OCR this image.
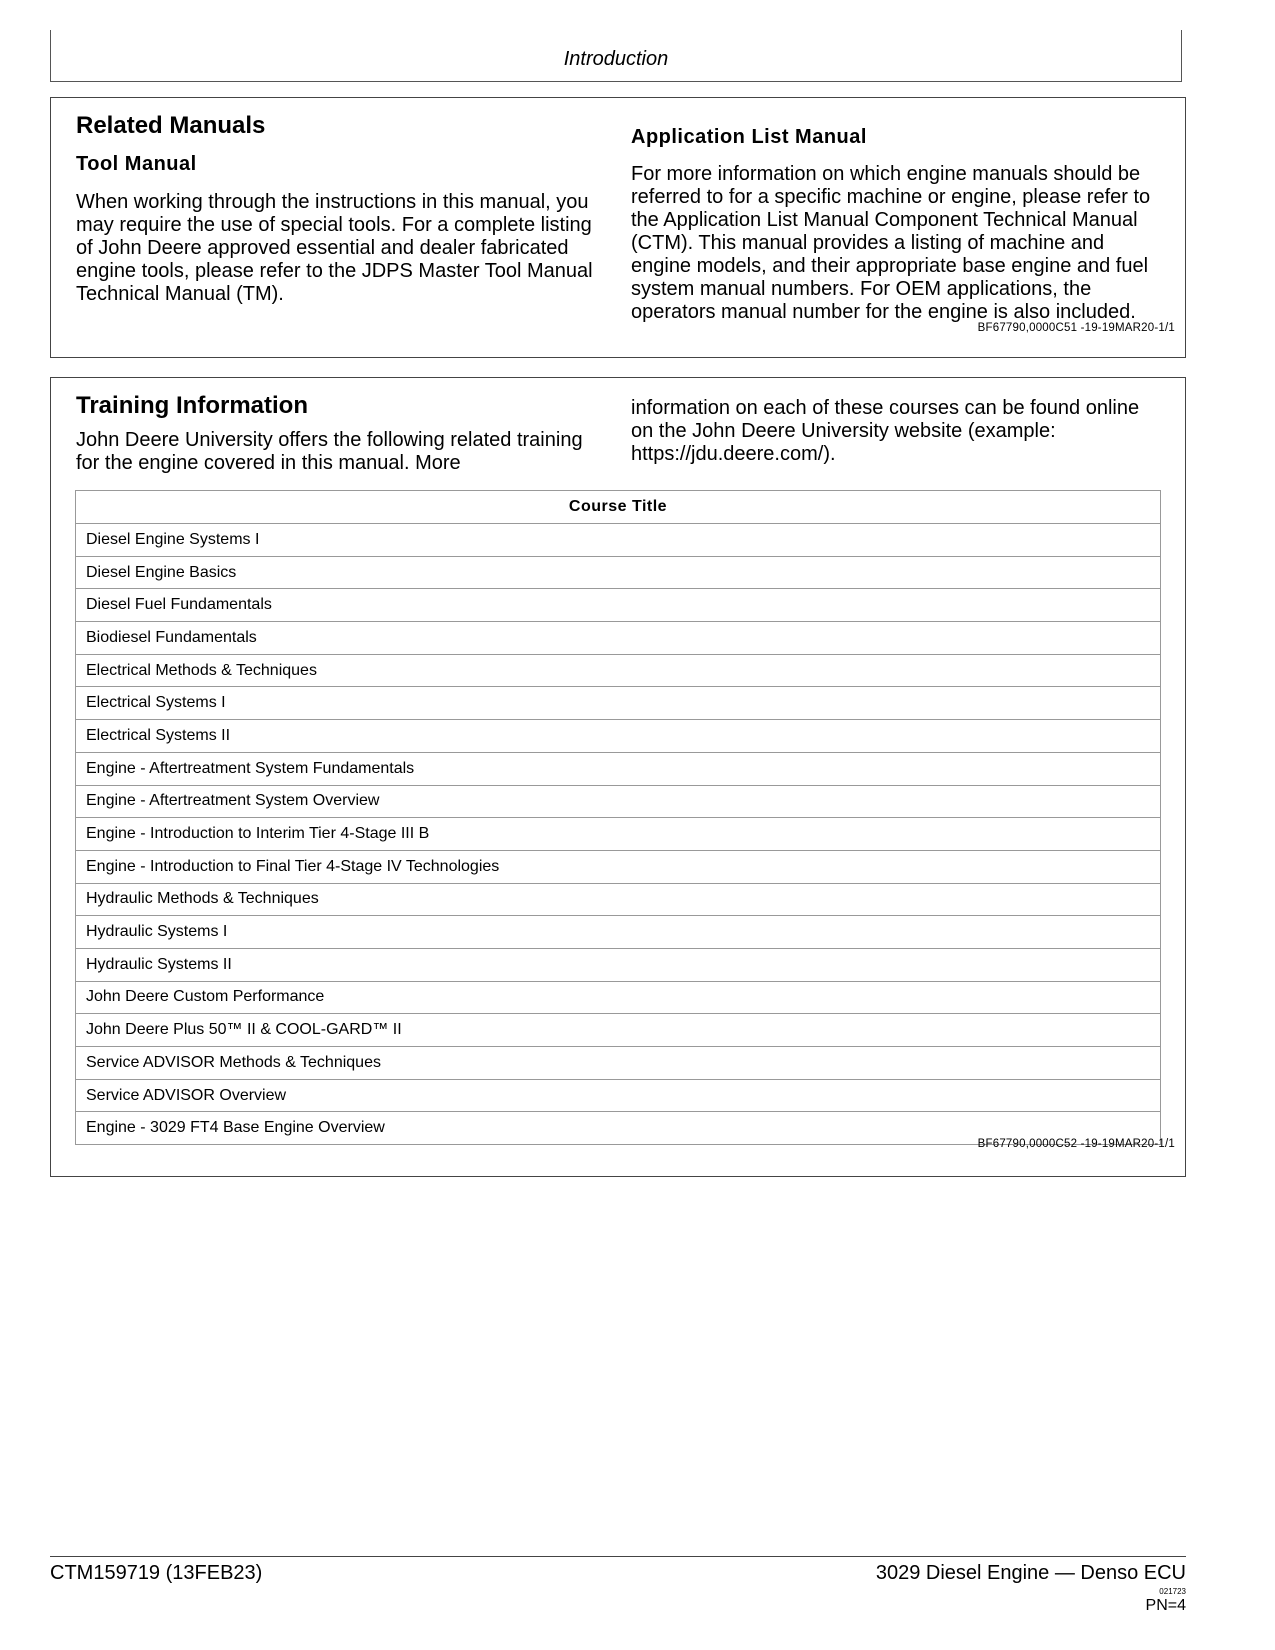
Introduction
Related Manuals
Tool Manual

When working through the instructions in this manual, you may require the use of special tools. For a complete listing of John Deere approved essential and dealer fabricated engine tools, please refer to the JDPS Master Tool Manual Technical Manual (TM).

Application List Manual

For more information on which engine manuals should be referred to for a specific machine or engine, please refer to the Application List Manual Component Technical Manual (CTM). This manual provides a listing of machine and engine models, and their appropriate base engine and fuel system manual numbers. For OEM applications, the operators manual number for the engine is also included.

BF67790,0000C51 -19-19MAR20-1/1
Training Information

John Deere University offers the following related training for the engine covered in this manual. More

information on each of these courses can be found online on the John Deere University website (example: https://jdu.deere.com/).

Course Title
Diesel Engine Systems I
Diesel Engine Basics
Diesel Fuel Fundamentals
Biodiesel Fundamentals
Electrical Methods & Techniques
Electrical Systems I
Electrical Systems II
Engine - Aftertreatment System Fundamentals
Engine - Aftertreatment System Overview
Engine - Introduction to Interim Tier 4-Stage III B
Engine - Introduction to Final Tier 4-Stage IV Technologies
Hydraulic Methods & Techniques
Hydraulic Systems I
Hydraulic Systems II
John Deere Custom Performance
John Deere Plus 50™ II & COOL-GARD™ II
Service ADVISOR Methods & Techniques
Service ADVISOR Overview
Engine - 3029 FT4 Base Engine Overview
BF67790,0000C52 -19-19MAR20-1/1
CTM159719 (13FEB23)	3029 Diesel Engine — Denso ECU
021723
PN=4
